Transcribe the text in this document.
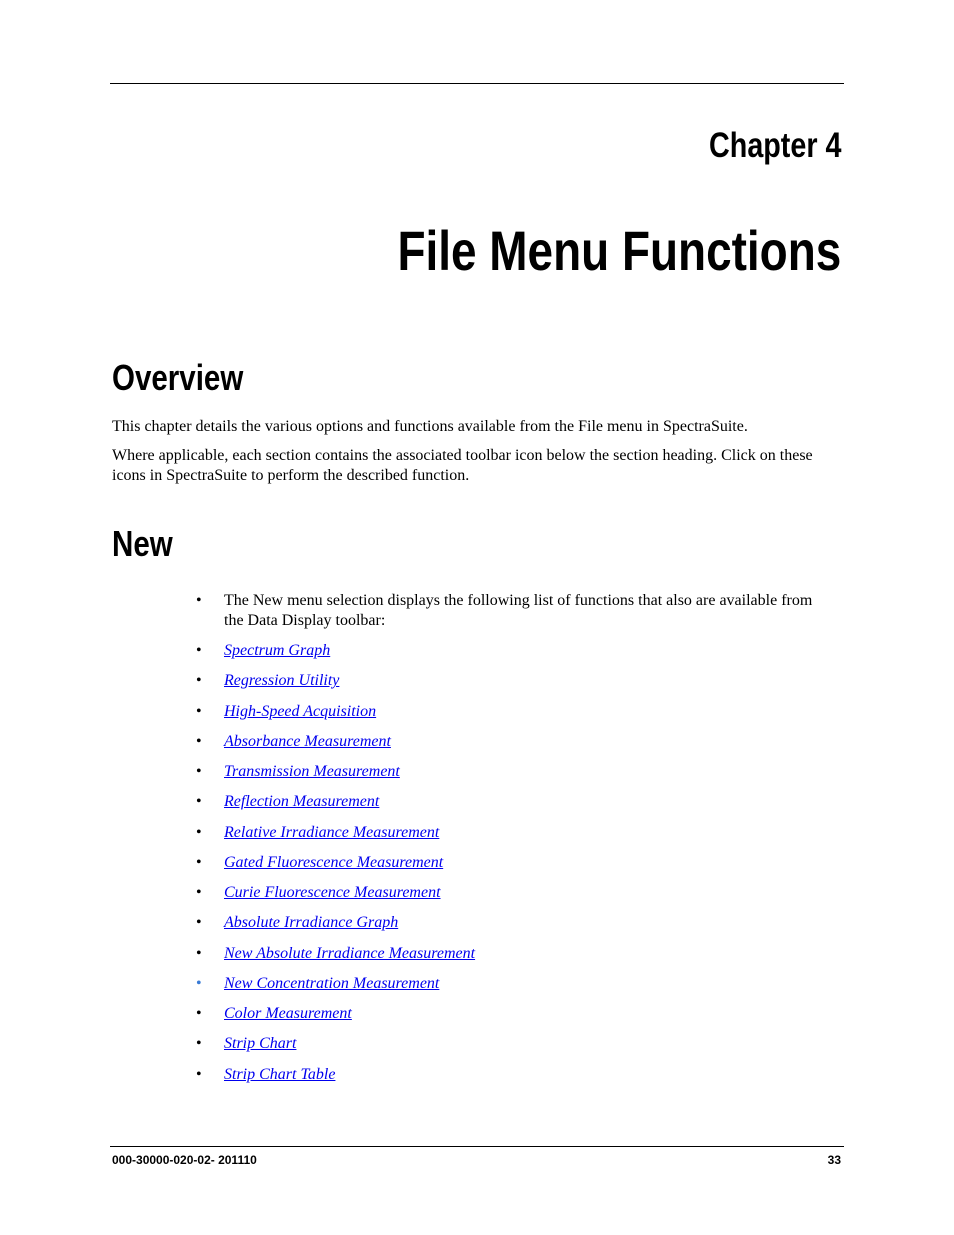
Chapter 4
File Menu Functions
Overview

This chapter details the various options and functions available from the File menu in SpectraSuite.

Where applicable, each section contains the associated toolbar icon below the section heading. Click on these icons in SpectraSuite to perform the described function.

New
•	The New menu selection displays the following list of functions that also are available from the Data Display toolbar:
•	Spectrum Graph
•	Regression Utility
•	High-Speed Acquisition
•	Absorbance Measurement
•	Transmission Measurement
•	Reflection Measurement
•	Relative Irradiance Measurement
•	Gated Fluorescence Measurement
•	Curie Fluorescence Measurement
•	Absolute Irradiance Graph
•	New Absolute Irradiance Measurement
•	New Concentration Measurement
•	Color Measurement
•	Strip Chart
•	Strip Chart Table
000-30000-020-02- 201110	33
